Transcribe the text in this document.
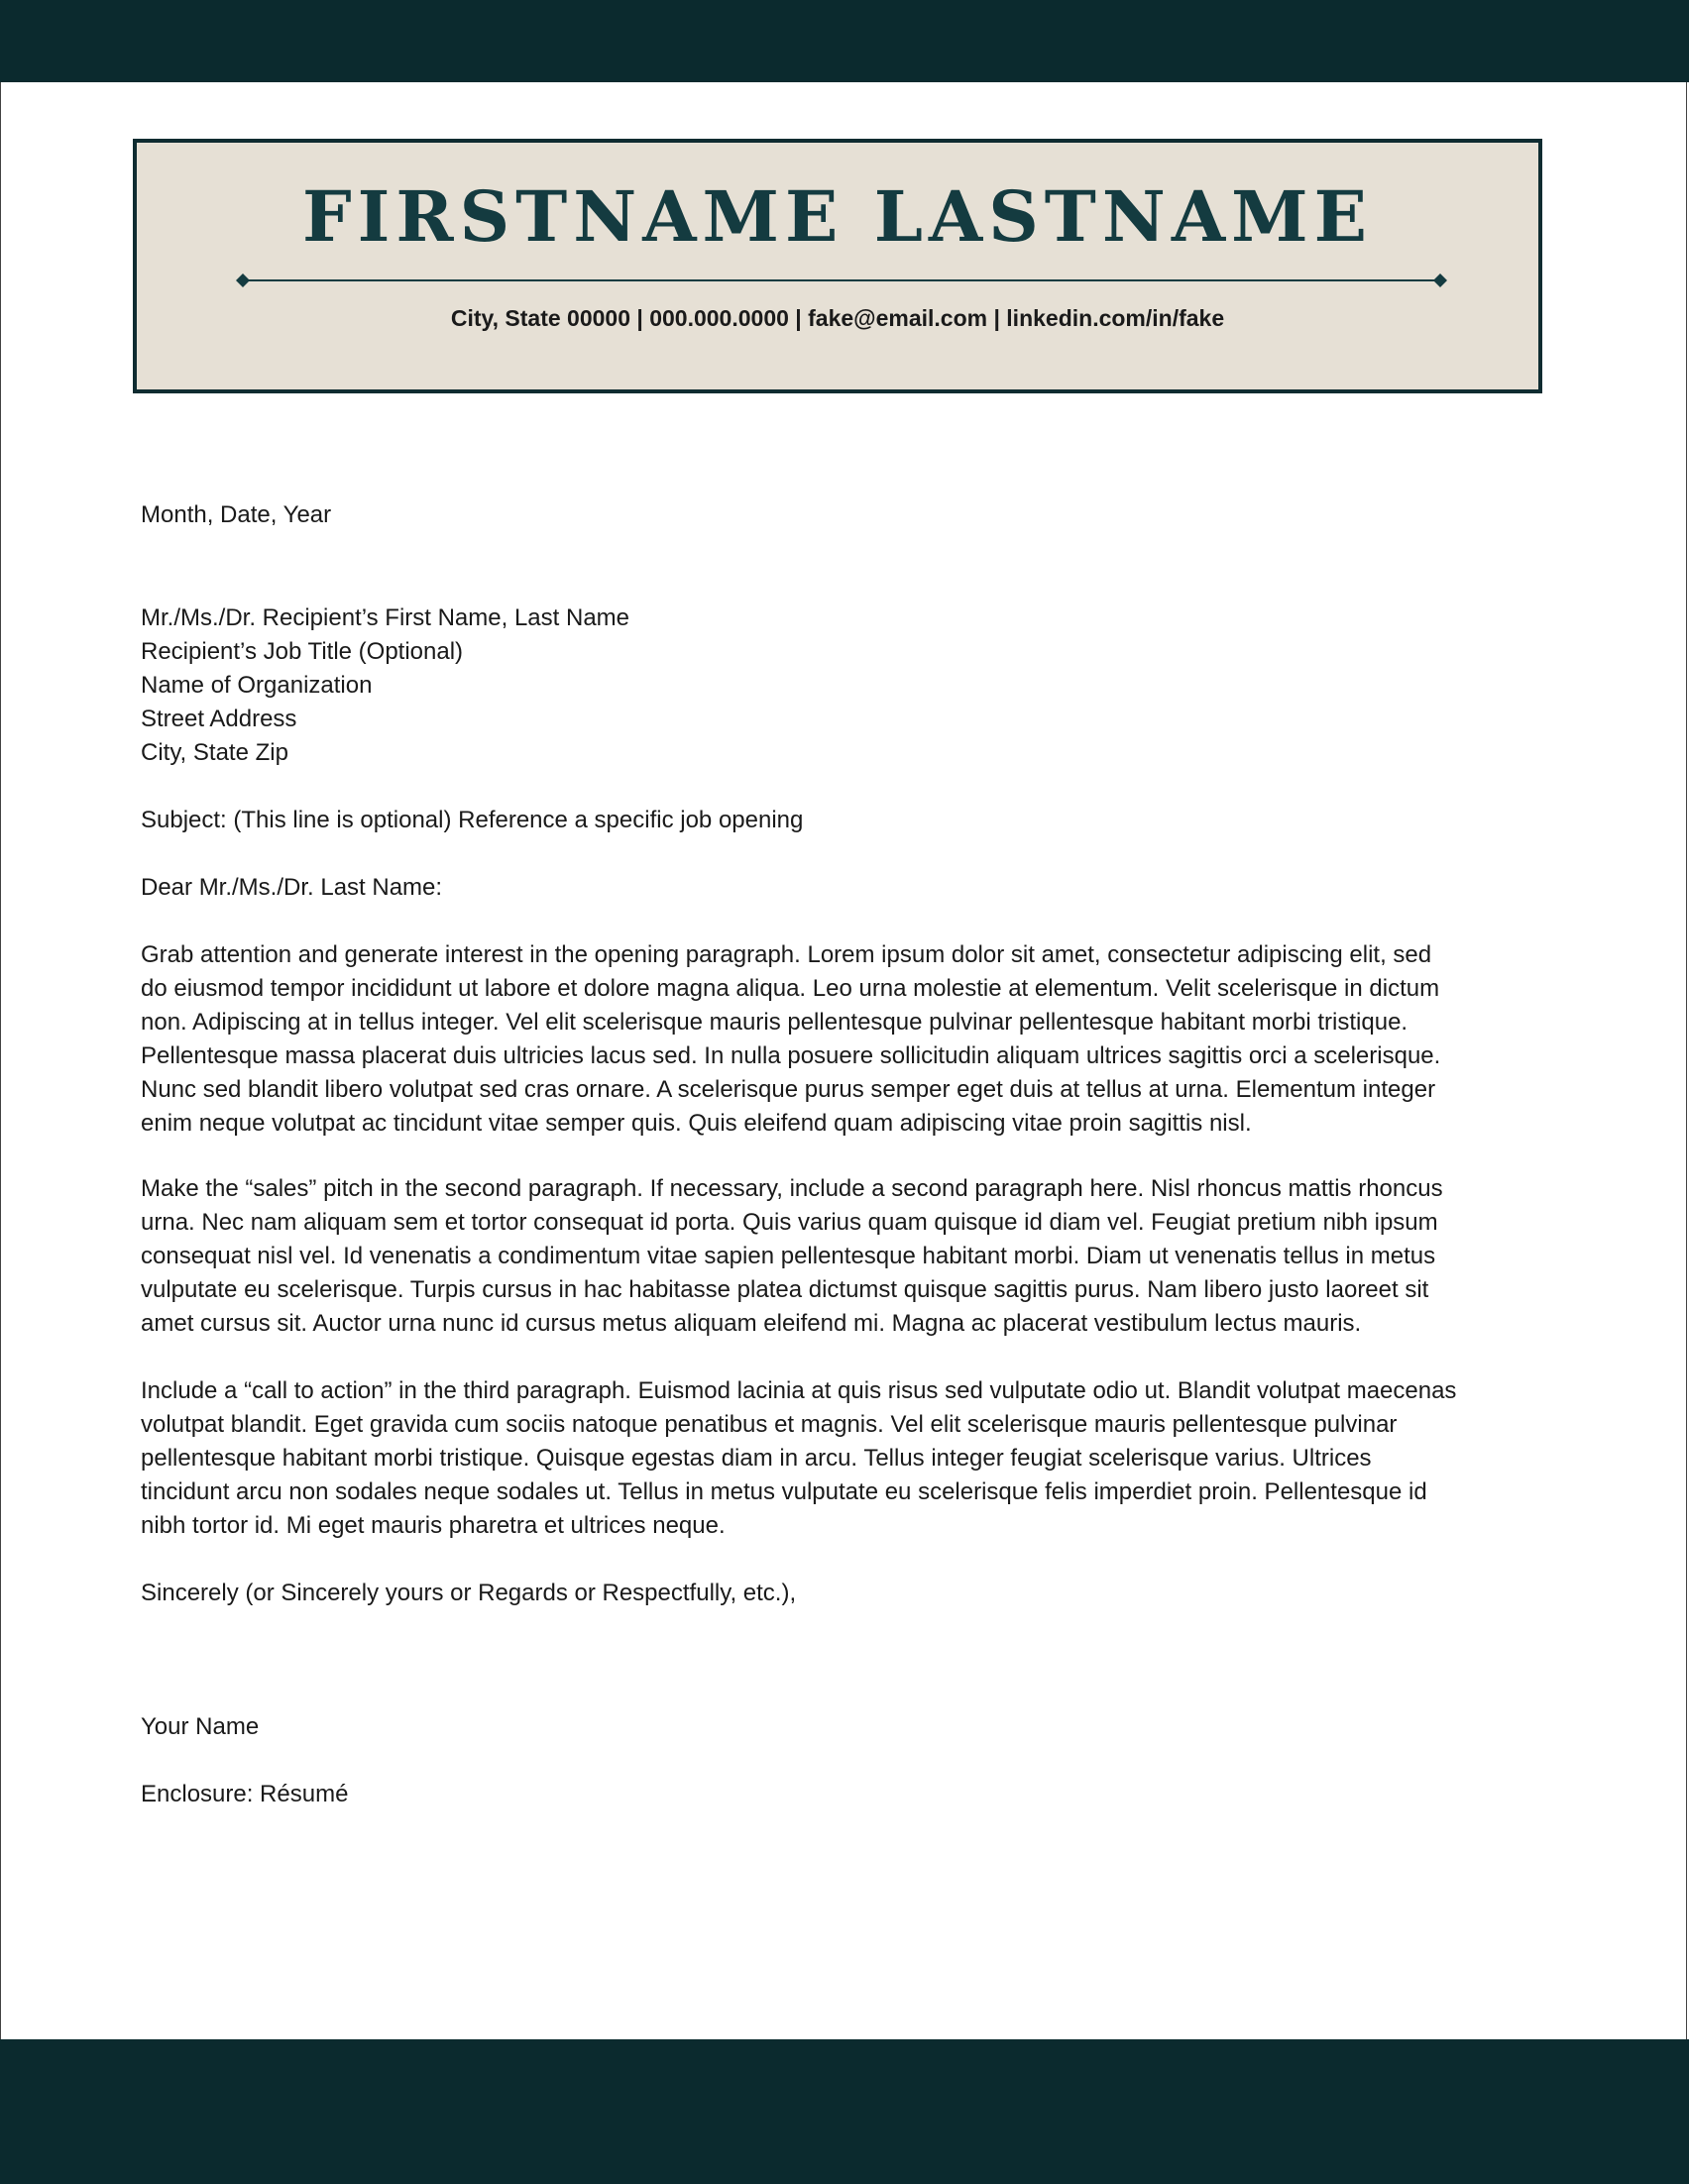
FIRSTNAME LASTNAME
City, State 00000 | 000.000.0000 | fake@email.com | linkedin.com/in/fake
Month, Date, Year
Mr./Ms./Dr. Recipient’s First Name, Last Name
Recipient’s Job Title (Optional)
Name of Organization
Street Address
City, State Zip
Subject: (This line is optional) Reference a specific job opening
Dear Mr./Ms./Dr. Last Name:
Grab attention and generate interest in the opening paragraph. Lorem ipsum dolor sit amet, consectetur adipiscing elit, sed
do eiusmod tempor incididunt ut labore et dolore magna aliqua. Leo urna molestie at elementum. Velit scelerisque in dictum
non. Adipiscing at in tellus integer. Vel elit scelerisque mauris pellentesque pulvinar pellentesque habitant morbi tristique.
Pellentesque massa placerat duis ultricies lacus sed. In nulla posuere sollicitudin aliquam ultrices sagittis orci a scelerisque.
Nunc sed blandit libero volutpat sed cras ornare. A scelerisque purus semper eget duis at tellus at urna. Elementum integer
enim neque volutpat ac tincidunt vitae semper quis. Quis eleifend quam adipiscing vitae proin sagittis nisl.
Make the “sales” pitch in the second paragraph. If necessary, include a second paragraph here. Nisl rhoncus mattis rhoncus
urna. Nec nam aliquam sem et tortor consequat id porta. Quis varius quam quisque id diam vel. Feugiat pretium nibh ipsum
consequat nisl vel. Id venenatis a condimentum vitae sapien pellentesque habitant morbi. Diam ut venenatis tellus in metus
vulputate eu scelerisque. Turpis cursus in hac habitasse platea dictumst quisque sagittis purus. Nam libero justo laoreet sit
amet cursus sit. Auctor urna nunc id cursus metus aliquam eleifend mi. Magna ac placerat vestibulum lectus mauris.
Include a “call to action” in the third paragraph. Euismod lacinia at quis risus sed vulputate odio ut. Blandit volutpat maecenas
volutpat blandit. Eget gravida cum sociis natoque penatibus et magnis. Vel elit scelerisque mauris pellentesque pulvinar
pellentesque habitant morbi tristique. Quisque egestas diam in arcu. Tellus integer feugiat scelerisque varius. Ultrices
tincidunt arcu non sodales neque sodales ut. Tellus in metus vulputate eu scelerisque felis imperdiet proin. Pellentesque id
nibh tortor id. Mi eget mauris pharetra et ultrices neque.
Sincerely (or Sincerely yours or Regards or Respectfully, etc.),
Your Name
Enclosure: Résumé
